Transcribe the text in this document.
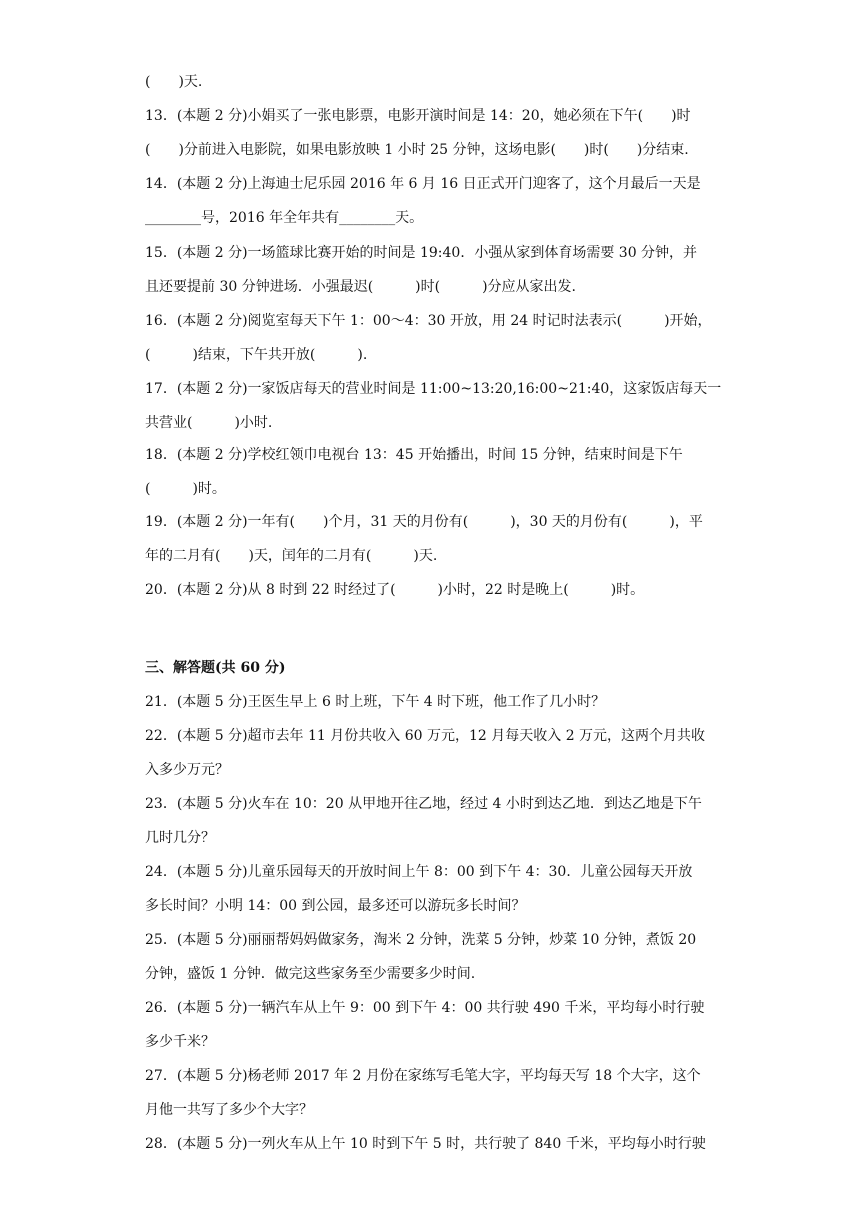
(　　)天.
13．(本题 2 分)小娟买了一张电影票，电影开演时间是 14：20，她必须在下午(　　)时
(　　)分前进入电影院，如果电影放映 1 小时 25 分钟，这场电影(　　)时(　　)分结束.
14．(本题 2 分)上海迪士尼乐园 2016 年 6 月 16 日正式开门迎客了，这个月最后一天是
________号，2016 年全年共有________天。
15．(本题 2 分)一场篮球比赛开始的时间是 19:40．小强从家到体育场需要 30 分钟，并
且还要提前 30 分钟进场．小强最迟(　　　)时(　　　)分应从家出发.
16．(本题 2 分)阅览室每天下午 1：00～4：30 开放，用 24 时记时法表示(　　　)开始，
(　　　)结束，下午共开放(　　　).
17．(本题 2 分)一家饭店每天的营业时间是 11:00~13:20,16:00~21:40，这家饭店每天一
共营业(　　　)小时.
18．(本题 2 分)学校红领巾电视台 13：45 开始播出，时间 15 分钟，结束时间是下午
(　　　)时。
19．(本题 2 分)一年有(　　)个月，31 天的月份有(　　　)，30 天的月份有(　　　)，平
年的二月有(　　)天，闰年的二月有(　　　)天.
20．(本题 2 分)从 8 时到 22 时经过了(　　　)小时，22 时是晚上(　　　)时。
三、解答题(共 60 分)
21．(本题 5 分)王医生早上 6 时上班，下午 4 时下班，他工作了几小时？
22．(本题 5 分)超市去年 11 月份共收入 60 万元，12 月每天收入 2 万元，这两个月共收
入多少万元？
23．(本题 5 分)火车在 10：20 从甲地开往乙地，经过 4 小时到达乙地．到达乙地是下午
几时几分？
24．(本题 5 分)儿童乐园每天的开放时间上午 8：00 到下午 4：30．儿童公园每天开放
多长时间？小明 14：00 到公园，最多还可以游玩多长时间？
25．(本题 5 分)丽丽帮妈妈做家务，淘米 2 分钟，洗菜 5 分钟，炒菜 10 分钟，煮饭 20
分钟，盛饭 1 分钟．做完这些家务至少需要多少时间.
26．(本题 5 分)一辆汽车从上午 9：00 到下午 4：00 共行驶 490 千米，平均每小时行驶
多少千米？
27．(本题 5 分)杨老师 2017 年 2 月份在家练写毛笔大字，平均每天写 18 个大字，这个
月他一共写了多少个大字？
28．(本题 5 分)一列火车从上午 10 时到下午 5 时，共行驶了 840 千米，平均每小时行驶
